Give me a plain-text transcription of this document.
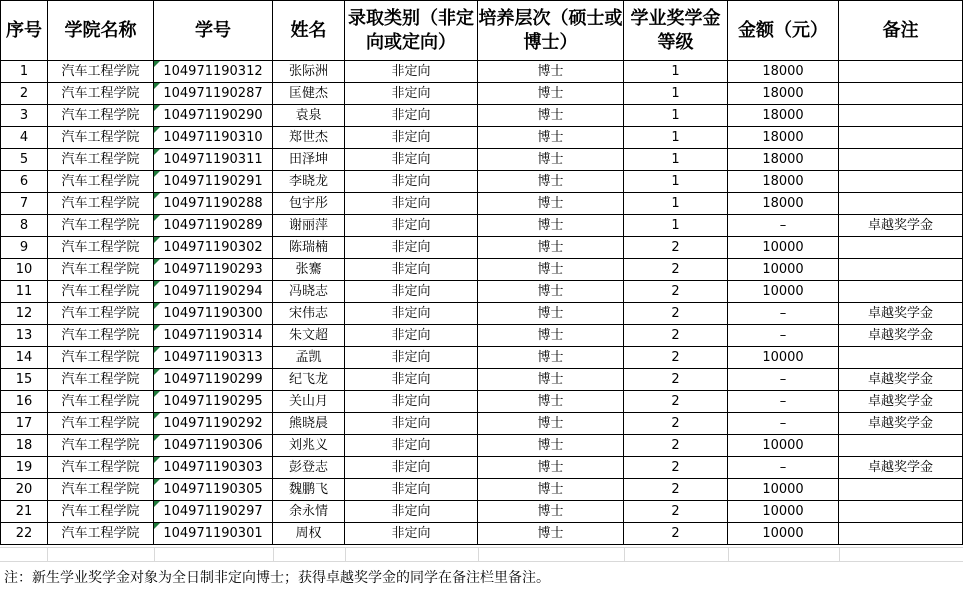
序号	学院名称	学号	姓名	录取类别（非定向或定向）	培养层次（硕士或博士）	学业奖学金等级	金额（元）	备注
1	汽车工程学院	104971190312	张际洲	非定向	博士	1	18000	
2	汽车工程学院	104971190287	匡健杰	非定向	博士	1	18000	
3	汽车工程学院	104971190290	袁泉	非定向	博士	1	18000	
4	汽车工程学院	104971190310	郑世杰	非定向	博士	1	18000	
5	汽车工程学院	104971190311	田泽坤	非定向	博士	1	18000	
6	汽车工程学院	104971190291	李晓龙	非定向	博士	1	18000	
7	汽车工程学院	104971190288	包宇彤	非定向	博士	1	18000	
8	汽车工程学院	104971190289	谢丽萍	非定向	博士	1	–	卓越奖学金
9	汽车工程学院	104971190302	陈瑞楠	非定向	博士	2	10000	
10	汽车工程学院	104971190293	张騫	非定向	博士	2	10000	
11	汽车工程学院	104971190294	冯晓志	非定向	博士	2	10000	
12	汽车工程学院	104971190300	宋伟志	非定向	博士	2	–	卓越奖学金
13	汽车工程学院	104971190314	朱文超	非定向	博士	2	–	卓越奖学金
14	汽车工程学院	104971190313	孟凯	非定向	博士	2	10000	
15	汽车工程学院	104971190299	纪飞龙	非定向	博士	2	–	卓越奖学金
16	汽车工程学院	104971190295	关山月	非定向	博士	2	–	卓越奖学金
17	汽车工程学院	104971190292	熊晓晨	非定向	博士	2	–	卓越奖学金
18	汽车工程学院	104971190306	刘兆义	非定向	博士	2	10000	
19	汽车工程学院	104971190303	彭登志	非定向	博士	2	–	卓越奖学金
20	汽车工程学院	104971190305	魏鹏飞	非定向	博士	2	10000	
21	汽车工程学院	104971190297	余永情	非定向	博士	2	10000	
22	汽车工程学院	104971190301	周权	非定向	博士	2	10000	
注：新生学业奖学金对象为全日制非定向博士；获得卓越奖学金的同学在备注栏里备注。
